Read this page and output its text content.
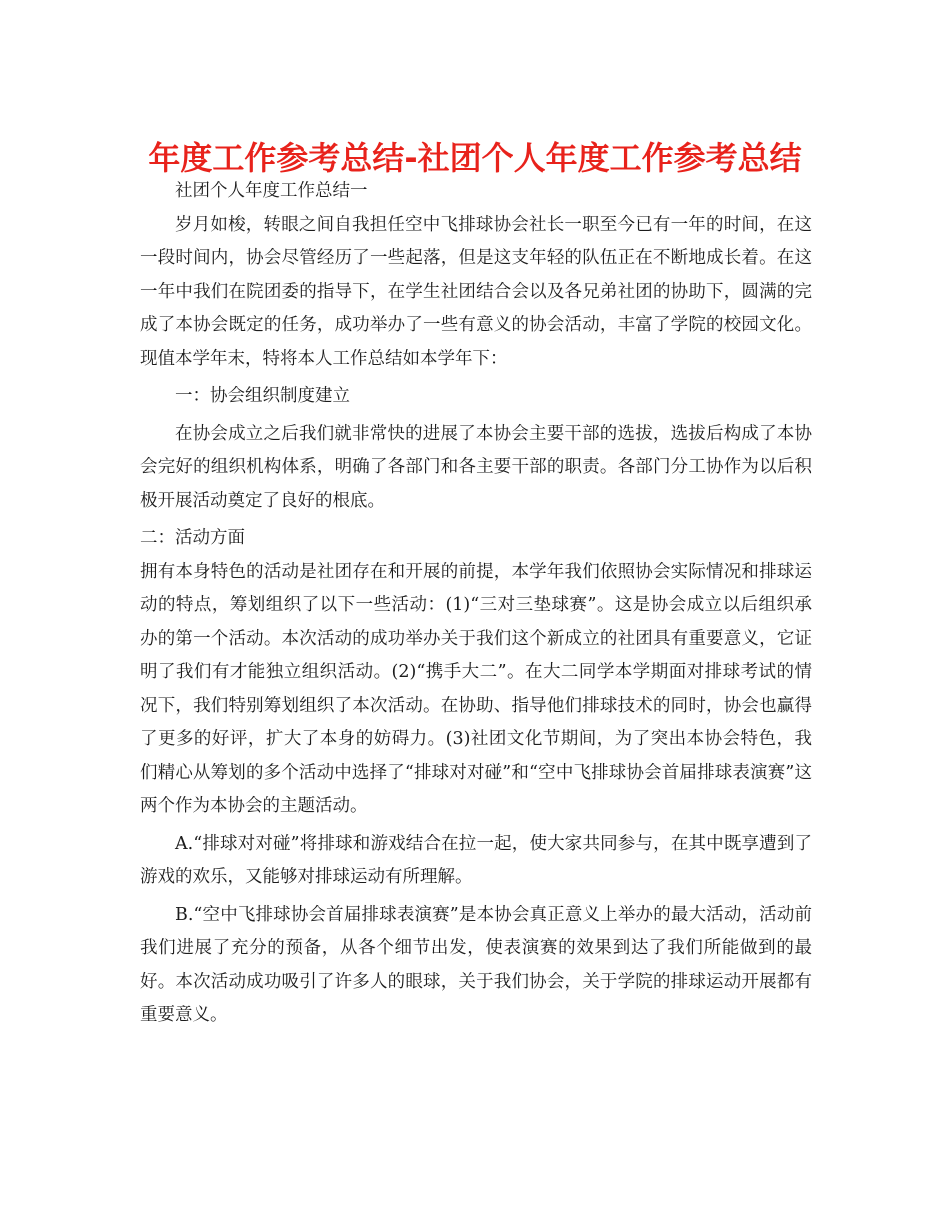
年度工作参考总结-社团个人年度工作参考总结

社团个人年度工作总结一

岁月如梭，转眼之间自我担任空中飞排球协会社长一职至今已有一年的时间，在这一段时间内，协会尽管经历了一些起落，但是这支年轻的队伍正在不断地成长着。在这一年中我们在院团委的指导下，在学生社团结合会以及各兄弟社团的协助下，圆满的完成了本协会既定的任务，成功举办了一些有意义的协会活动，丰富了学院的校园文化。现值本学年末，特将本人工作总结如本学年下：

一：协会组织制度建立

在协会成立之后我们就非常快的进展了本协会主要干部的选拔，选拔后构成了本协会完好的组织机构体系，明确了各部门和各主要干部的职责。各部门分工协作为以后积极开展活动奠定了良好的根底。

二：活动方面

拥有本身特色的活动是社团存在和开展的前提，本学年我们依照协会实际情况和排球运动的特点，筹划组织了以下一些活动：(1)“三对三垫球赛”。这是协会成立以后组织承办的第一个活动。本次活动的成功举办关于我们这个新成立的社团具有重要意义，它证明了我们有才能独立组织活动。(2)“携手大二”。在大二同学本学期面对排球考试的情况下，我们特别筹划组织了本次活动。在协助、指导他们排球技术的同时，协会也赢得了更多的好评，扩大了本身的妨碍力。(3)社团文化节期间，为了突出本协会特色，我们精心从筹划的多个活动中选择了“排球对对碰”和“空中飞排球协会首届排球表演赛”这两个作为本协会的主题活动。

A.“排球对对碰”将排球和游戏结合在拉一起，使大家共同参与，在其中既享遭到了游戏的欢乐，又能够对排球运动有所理解。

B.“空中飞排球协会首届排球表演赛”是本协会真正意义上举办的最大活动，活动前我们进展了充分的预备，从各个细节出发，使表演赛的效果到达了我们所能做到的最好。本次活动成功吸引了许多人的眼球，关于我们协会，关于学院的排球运动开展都有重要意义。
